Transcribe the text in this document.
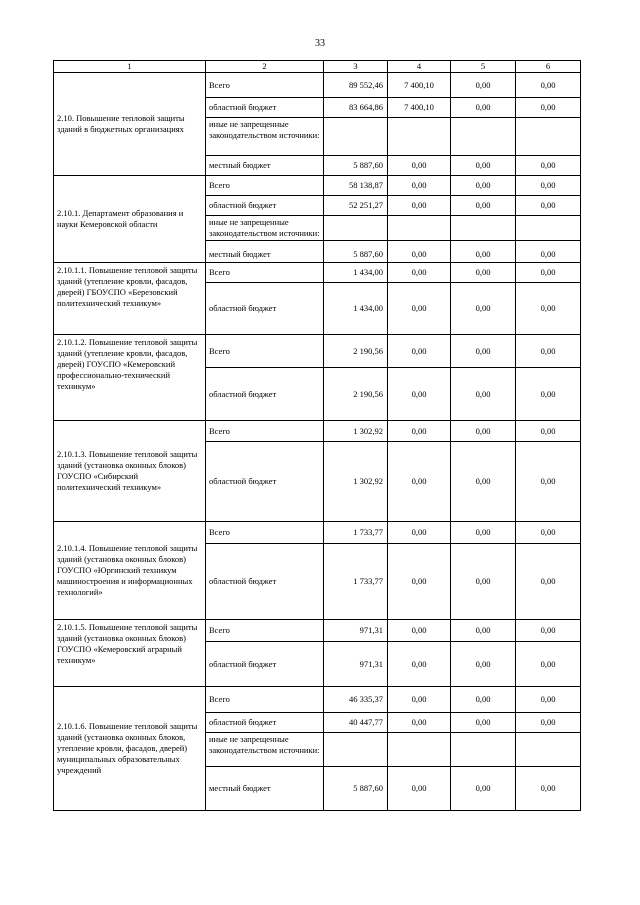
33
1	2	3	4	5	6
2.10. Повышение тепловой защиты зданий в бюджетных организациях	Всего	89 552,46	7 400,10	0,00	0,00
	областной бюджет	83 664,86	7 400,10	0,00	0,00
	иные не запрещенные законодательством источники:				
	местный бюджет	5 887,60	0,00	0,00	0,00
2.10.1. Департамент образования и науки Кемеровской области	Всего	58 138,87	0,00	0,00	0,00
	областной бюджет	52 251,27	0,00	0,00	0,00
	иные не запрещенные законодательством источники:				
	местный бюджет	5 887,60	0,00	0,00	0,00
2.10.1.1. Повышение тепловой защиты зданий (утепление кровли, фасадов, дверей) ГБОУСПО «Березовский политехнический техникум»	Всего	1 434,00	0,00	0,00	0,00
	областной бюджет	1 434,00	0,00	0,00	0,00
2.10.1.2. Повышение тепловой защиты зданий (утепление кровли, фасадов, дверей) ГОУСПО «Кемеровский профессионально-технический техникум»	Всего	2 190,56	0,00	0,00	0,00
	областной бюджет	2 190,56	0,00	0,00	0,00
2.10.1.3. Повышение тепловой защиты зданий (установка оконных блоков) ГОУСПО «Сибирский политехнический техникум»	Всего	1 302,92	0,00	0,00	0,00
	областной бюджет	1 302,92	0,00	0,00	0,00
2.10.1.4. Повышение тепловой защиты зданий (установка оконных блоков) ГОУСПО «Юргинский техникум машиностроения и информационных технологий»	Всего	1 733,77	0,00	0,00	0,00
	областной бюджет	1 733,77	0,00	0,00	0,00
2.10.1.5. Повышение тепловой защиты зданий (установка оконных блоков) ГОУСПО «Кемеровский аграрный техникум»	Всего	971,31	0,00	0,00	0,00
	областной бюджет	971,31	0,00	0,00	0,00
2.10.1.6. Повышение тепловой защиты зданий (установка оконных блоков, утепление кровли, фасадов, дверей) муниципальных образовательных учреждений	Всего	46 335,37	0,00	0,00	0,00
	областной бюджет	40 447,77	0,00	0,00	0,00
	иные не запрещенные законодательством источники:				
	местный бюджет	5 887,60	0,00	0,00	0,00
